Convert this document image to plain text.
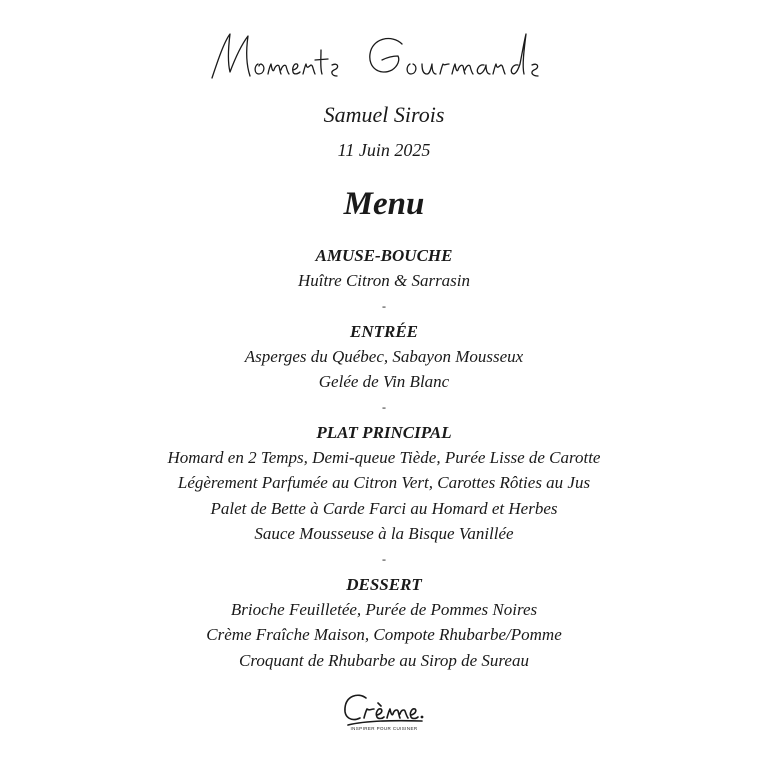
Samuel Sirois
11 Juin 2025
Menu
AMUSE-BOUCHE
Huître Citron & Sarrasin
-
ENTRÉE
Asperges du Québec, Sabayon Mousseux
Gelée de Vin Blanc
-
PLAT PRINCIPAL
Homard en 2 Temps, Demi-queue Tiède, Purée Lisse de Carotte
Légèrement Parfumée au Citron Vert, Carottes Rôties au Jus
Palet de Bette à Carde Farci au Homard et Herbes
Sauce Mousseuse à la Bisque Vanillée
-
DESSERT
Brioche Feuilletée, Purée de Pommes Noires
Crème Fraîche Maison, Compote Rhubarbe/Pomme
Croquant de Rhubarbe au Sirop de Sureau
INSPIRER POUR CUISINER
